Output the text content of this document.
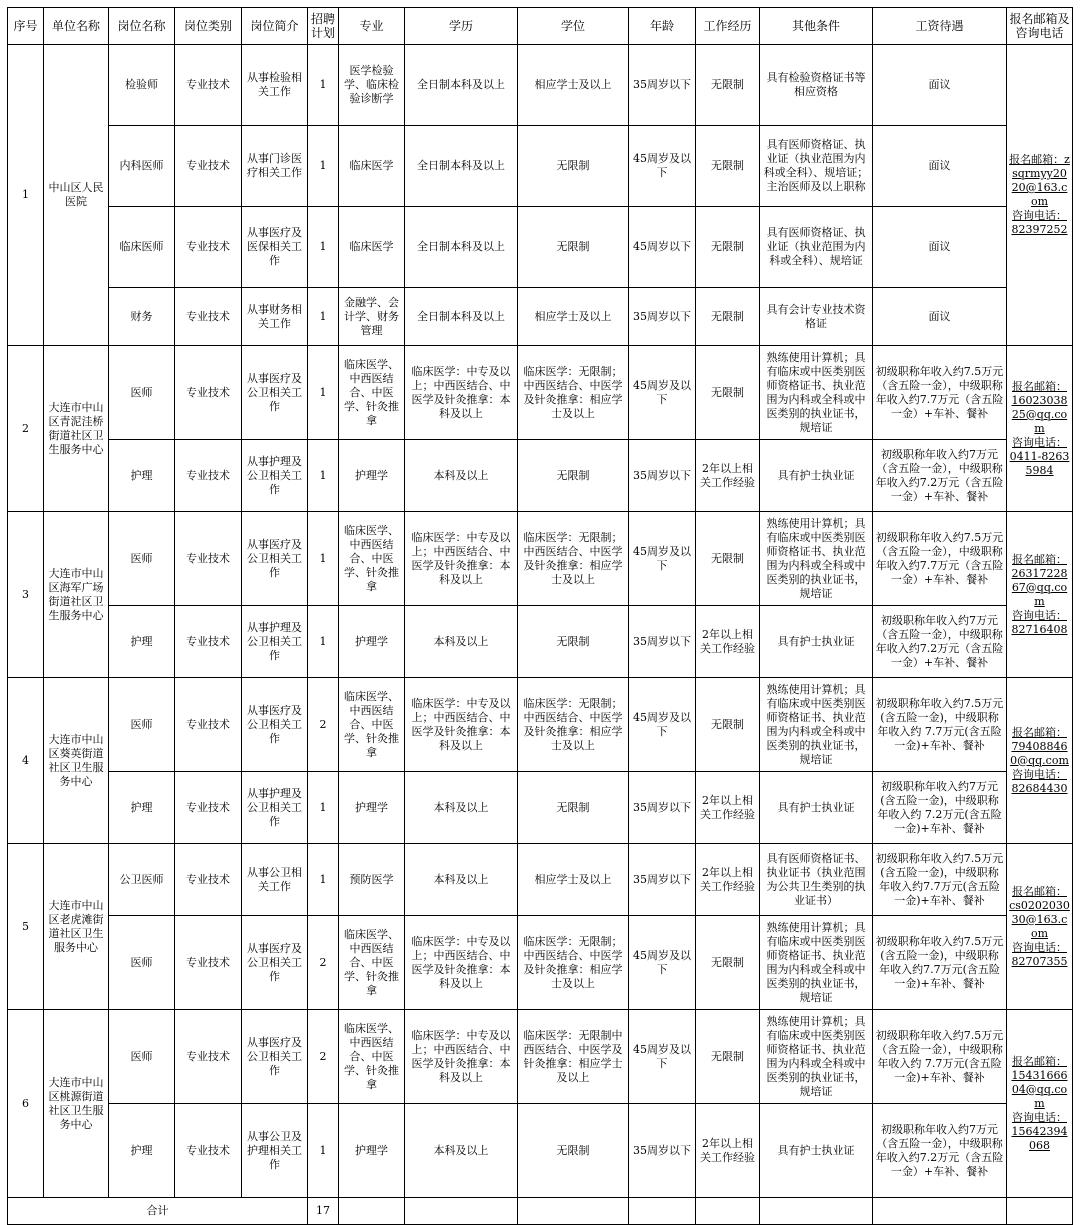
序号	单位名称	岗位名称	岗位类别	岗位简介	招聘计划	专业	学历	学位	年龄	工作经历	其他条件	工资待遇	报名邮箱及咨询电话
1	中山区人民医院	检验师	专业技术	从事检验相关工作	1	医学检验学、临床检验诊断学	全日制本科及以上	相应学士及以上	35周岁以下	无限制	具有检验资格证书等相应资格	面议	报名邮箱：zsqrmyy2020@163.com
咨询电话：82397252

		内科医师	专业技术	从事门诊医疗相关工作	1	临床医学	全日制本科及以上	无限制	45周岁及以下	无限制	具有医师资格证、执业证（执业范围为内科或全科）、规培证；主治医师及以上职称	面议	
		临床医师	专业技术	从事医疗及医保相关工作	1	临床医学	全日制本科及以上	无限制	45周岁以下	无限制	具有医师资格证、执业证（执业范围为内科或全科）、规培证	面议	
		财务	专业技术	从事财务相关工作	1	金融学、会计学、财务管理	全日制本科及以上	相应学士及以上	35周岁以下	无限制	具有会计专业技术资格证	面议	
2	大连市中山区青泥洼桥街道社区卫生服务中心	医师	专业技术	从事医疗及公卫相关工作	1	临床医学、中西医结合、中医学、针灸推拿	临床医学：中专及以上；中西医结合、中医学及针灸推拿：本科及以上	临床医学：无限制；中西医结合、中医学及针灸推拿：相应学士及以上	45周岁及以下	无限制	熟练使用计算机；具有临床或中医类别医师资格证书、执业范围为内科或全科或中医类别的执业证书，规培证	初级职称年收入约7.5万元（含五险一金），中级职称年收入约7.7万元（含五险一金）+车补、餐补	报名邮箱：1602303825@qq.com
咨询电话：0411-82635984

		护理	专业技术	从事护理及公卫相关工作	1	护理学	本科及以上	无限制	35周岁以下	2年以上相关工作经验	具有护士执业证	初级职称年收入约7万元（含五险一金），中级职称年收入约7.2万元（含五险一金）+车补、餐补	
3	大连市中山区海军广场街道社区卫生服务中心	医师	专业技术	从事医疗及公卫相关工作	1	临床医学、中西医结合、中医学、针灸推拿	临床医学：中专及以上；中西医结合、中医学及针灸推拿：本科及以上	临床医学：无限制；中西医结合、中医学及针灸推拿：相应学士及以上	45周岁及以下	无限制	熟练使用计算机；具有临床或中医类别医师资格证书、执业范围为内科或全科或中医类别的执业证书，规培证	初级职称年收入约7.5万元（含五险一金），中级职称年收入约7.7万元（含五险一金）+车补、餐补	报名邮箱：2631722867@qq.com
咨询电话：82716408

		护理	专业技术	从事护理及公卫相关工作	1	护理学	本科及以上	无限制	35周岁以下	2年以上相关工作经验	具有护士执业证	初级职称年收入约7万元（含五险一金），中级职称年收入约7.2万元（含五险一金）+车补、餐补	
4	大连市中山区葵英街道社区卫生服务中心	医师	专业技术	从事医疗及公卫相关工作	2	临床医学、中西医结合、中医学、针灸推拿	临床医学：中专及以上；中西医结合、中医学及针灸推拿：本科及以上	临床医学：无限制；中西医结合、中医学及针灸推拿：相应学士及以上	45周岁及以下	无限制	熟练使用计算机；具有临床或中医类别医师资格证书、执业范围为内科或全科或中医类别的执业证书，规培证	初级职称年收入约7.5万元(含五险一金)，中级职称年收入约 7.7万元(含五险一金)+车补、餐补	报名邮箱：794088460@qq.com
咨询电话：82684430

		护理	专业技术	从事护理及公卫相关工作	1	护理学	本科及以上	无限制	35周岁以下	2年以上相关工作经验	具有护士执业证	初级职称年收入约7万元(含五险一金)，中级职称年收入约 7.2万元(含五险一金)+车补、餐补	
5	大连市中山区老虎滩街道社区卫生服务中心	公卫医师	专业技术	从事公卫相关工作	1	预防医学	本科及以上	相应学士及以上	35周岁以下	2年以上相关工作经验	具有医师资格证书、执业证书（执业范围为公共卫生类别的执业证书）	初级职称年收入约7.5万元(含五险一金)，中级职称年收入约7.7万元(含五险一金)+车补、餐补	报名邮箱：cs020203030@163.com
咨询电话：82707355

		医师	专业技术	从事医疗及公卫相关工作	2	临床医学、中西医结合、中医学、针灸推拿	临床医学：中专及以上；中西医结合、中医学及针灸推拿：本科及以上	临床医学：无限制；中西医结合、中医学及针灸推拿：相应学士及以上	45周岁及以下	无限制	熟练使用计算机；具有临床或中医类别医师资格证书、执业范围为内科或全科或中医类别的执业证书，规培证	初级职称年收入约7.5万元(含五险一金)，中级职称年收入约7.7万元(含五险一金)+车补、餐补	
6	大连市中山区桃源街道社区卫生服务中心	医师	专业技术	从事医疗及公卫相关工作	2	临床医学、中西医结合、中医学、针灸推拿	临床医学：中专及以上；中西医结合、中医学及针灸推拿：本科及以上	临床医学：无限制中西医结合、中医学及针灸推拿：相应学士及以上	45周岁及以下	无限制	熟练使用计算机；具有临床或中医类别医师资格证书、执业范围为内科或全科或中医类别的执业证书，规培证	初级职称年收入约7.5万元（含五险一金），中级职称年收入约 7.7万元(含五险一金)+车补、餐补	报名邮箱：1543166604@qq.com
咨询电话：15642394068

		护理	专业技术	从事公卫及护理相关工作	1	护理学	本科及以上	无限制	35周岁以下	2年以上相关工作经验	具有护士执业证	初级职称年收入约7万元（含五险一金），中级职称年收入约7.2万元（含五险一金）+车补、餐补	
合计					17								
